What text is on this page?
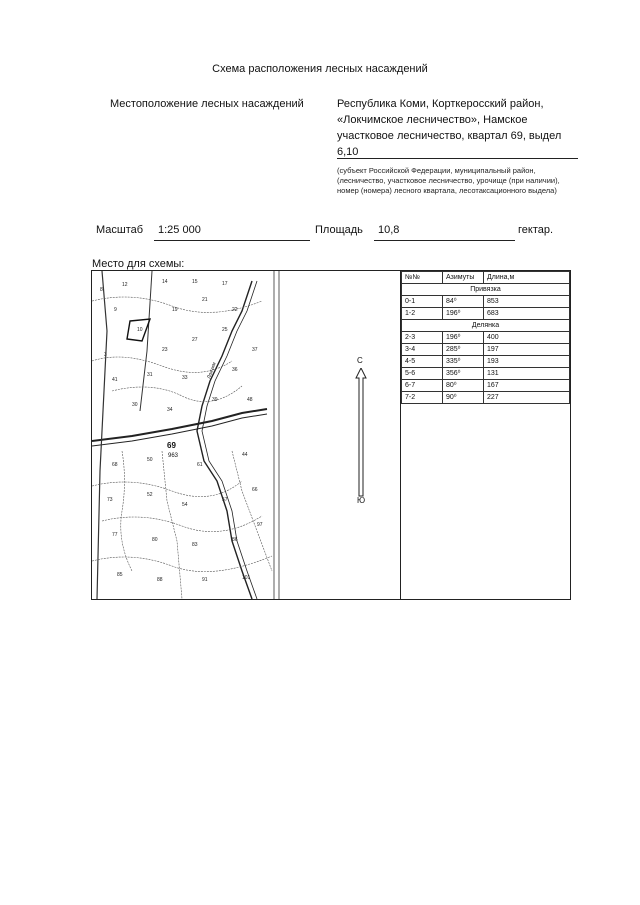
Схема расположения лесных насаждений
Местоположение лесных насаждений	Республика Коми, Корткеросский район, «Локчимское лесничество», Намское участковое лесничество, квартал 69, выдел 6,10
(субъект Российской Федерации, муниципальный район, (лесничество, участковое лесничество, урочище (при наличии), номер (номера) лесного квартала, лесотаксационного выдела)
Масштаб 1:25 000	Площадь 10,8	гектар.
Место для схемы:
8
12	14	15	17
9	19
21
22
10
3
23
27
25
41
31	33
36
37
30
34
39	48
68
50
61
44
73
52
54
57
66
77
80
83
86
97
85
88	91	101
69
963
Локчим
С
Ю
№№	Азимуты	Длина,м
Привязка		
0-1	84⁰	853
1-2	196⁰	683
Делянка		
2-3	196⁰	400
3-4	285⁰	197
4-5	335⁰	193
5-6	356⁰	131
6-7	80⁰	167
7-2	90⁰	227
